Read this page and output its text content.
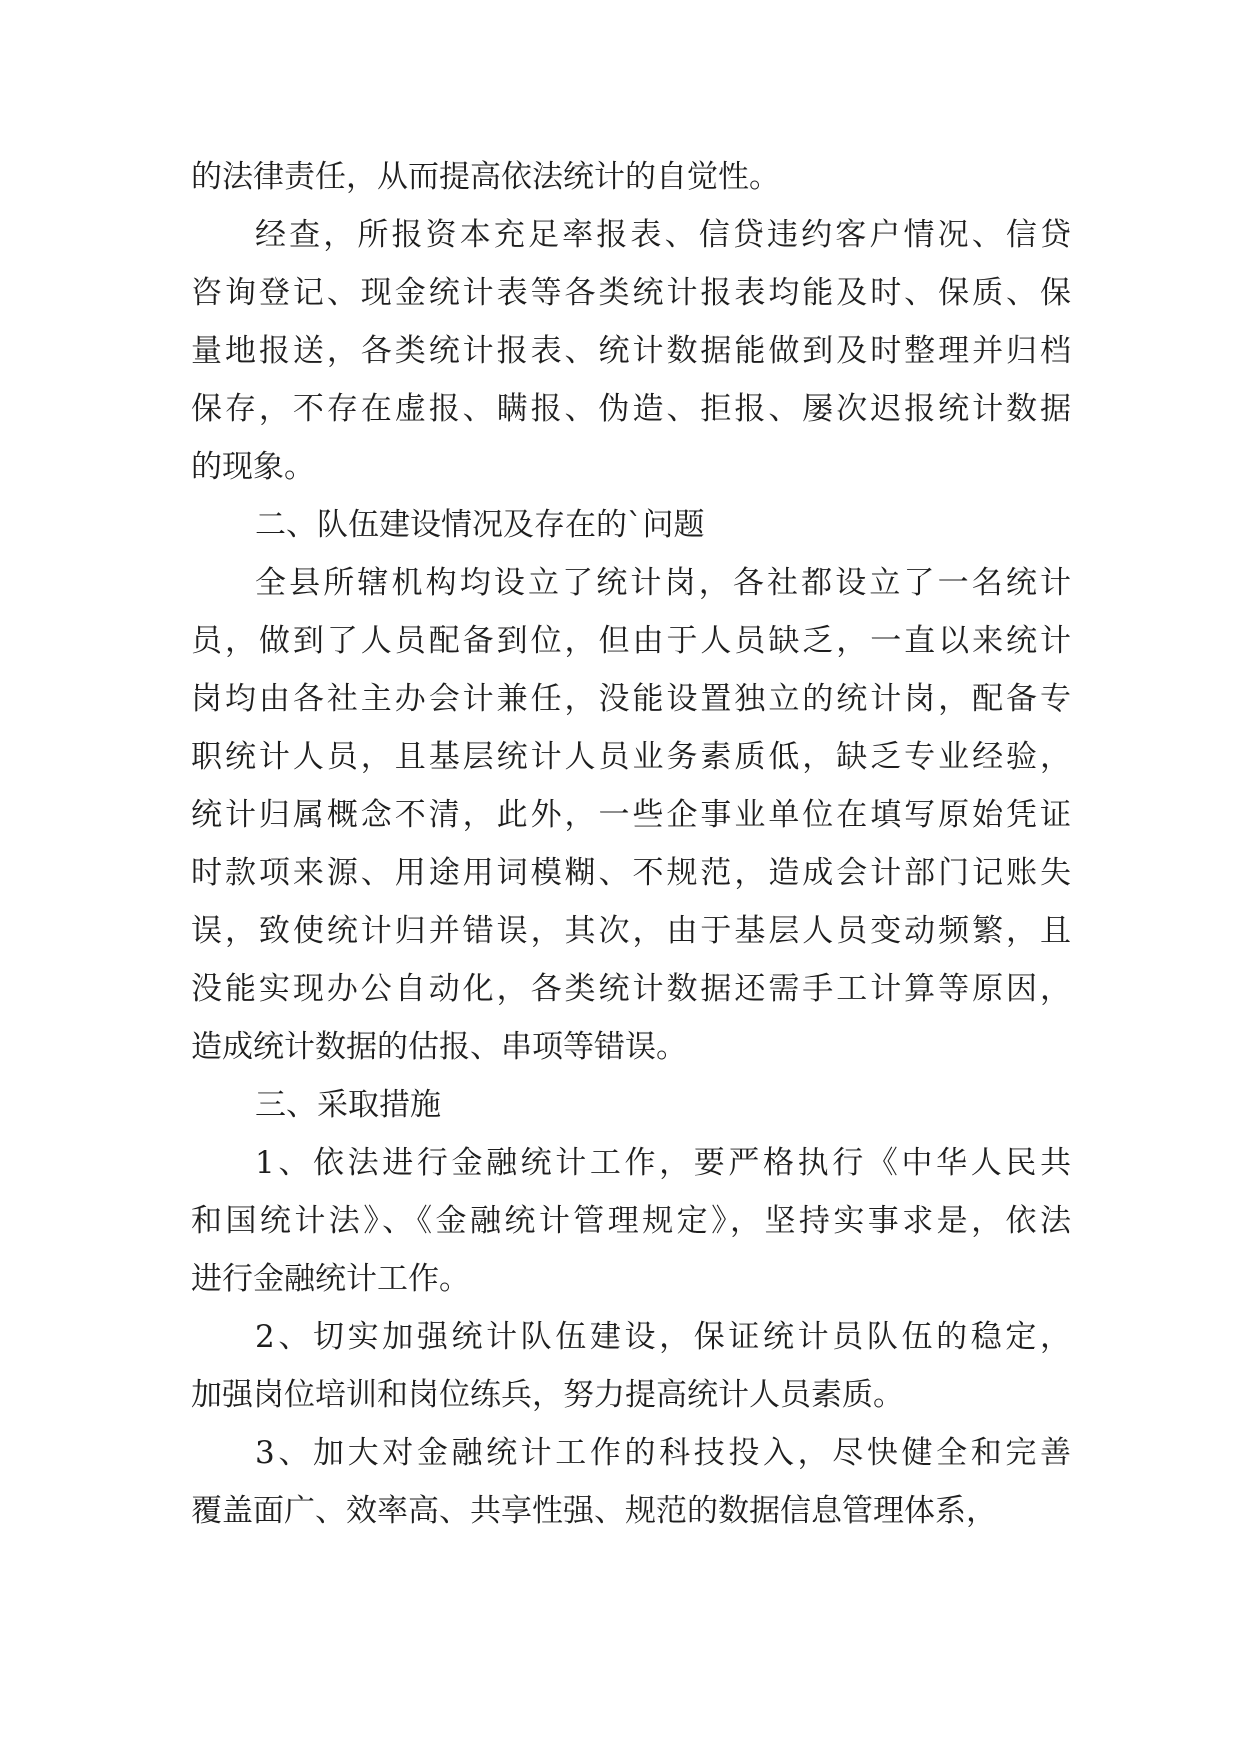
的法律责任，从而提高依法统计的自觉性。
经查，所报资本充足率报表、信贷违约客户情况、信贷
咨询登记、现金统计表等各类统计报表均能及时、保质、保
量地报送，各类统计报表、统计数据能做到及时整理并归档
保存，不存在虚报、瞒报、伪造、拒报、屡次迟报统计数据
的现象。
二、队伍建设情况及存在的`问题
全县所辖机构均设立了统计岗，各社都设立了一名统计
员，做到了人员配备到位，但由于人员缺乏，一直以来统计
岗均由各社主办会计兼任，没能设置独立的统计岗，配备专
职统计人员，且基层统计人员业务素质低，缺乏专业经验，
统计归属概念不清，此外，一些企事业单位在填写原始凭证
时款项来源、用途用词模糊、不规范，造成会计部门记账失
误，致使统计归并错误，其次，由于基层人员变动频繁，且
没能实现办公自动化，各类统计数据还需手工计算等原因，
造成统计数据的估报、串项等错误。
三、采取措施
1、依法进行金融统计工作，要严格执行《中华人民共
和国统计法》、《金融统计管理规定》，坚持实事求是，依法
进行金融统计工作。
2、切实加强统计队伍建设，保证统计员队伍的稳定，
加强岗位培训和岗位练兵，努力提高统计人员素质。
3、加大对金融统计工作的科技投入，尽快健全和完善
覆盖面广、效率高、共享性强、规范的数据信息管理体系，
